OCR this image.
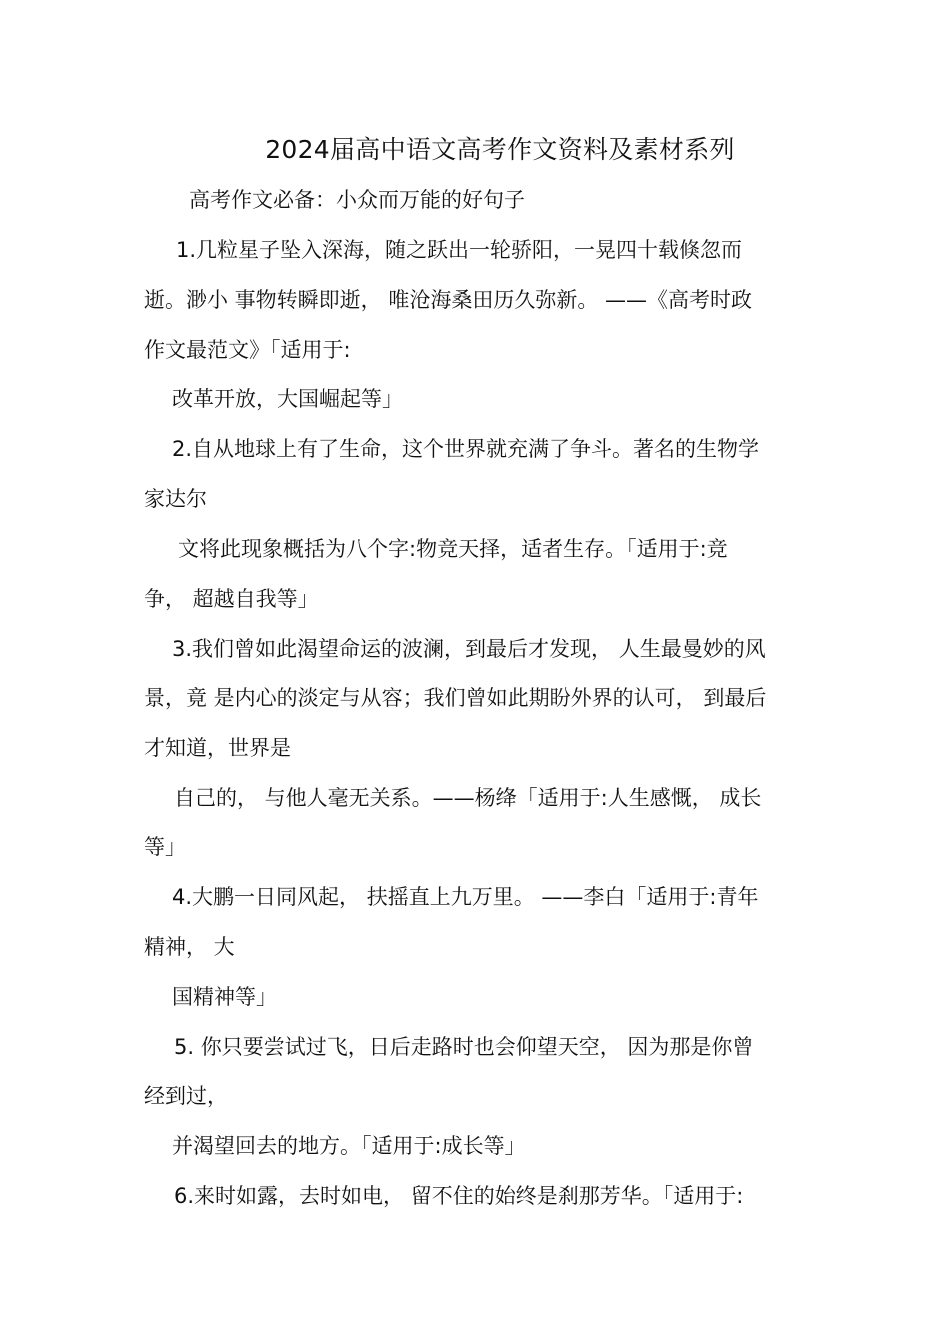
2024届高中语文高考作文资料及素材系列
高考作文必备：小众而万能的好句子
1.几粒星子坠入深海，随之跃出一轮骄阳，一晃四十载倏忽而
逝。渺小 事物转瞬即逝， 唯沧海桑田历久弥新。 ——《高考时政
作文最范文》「适用于:
改革开放，大国崛起等」
2.自从地球上有了生命，这个世界就充满了争斗。著名的生物学
家达尔
文将此现象概括为八个字:物竞天择，适者生存。「适用于:竞
争， 超越自我等」
3.我们曾如此渴望命运的波澜，到最后才发现， 人生最曼妙的风
景，竟 是内心的淡定与从容；我们曾如此期盼外界的认可， 到最后
才知道，世界是
自己的， 与他人毫无关系。——杨绛「适用于:人生感慨， 成长
等」
4.大鹏一日同风起， 扶摇直上九万里。 ——李白「适用于:青年
精神， 大
国精神等」
5. 你只要尝试过飞，日后走路时也会仰望天空， 因为那是你曾
经到过，
并渴望回去的地方。「适用于:成长等」
6.来时如露，去时如电， 留不住的始终是刹那芳华。「适用于:
